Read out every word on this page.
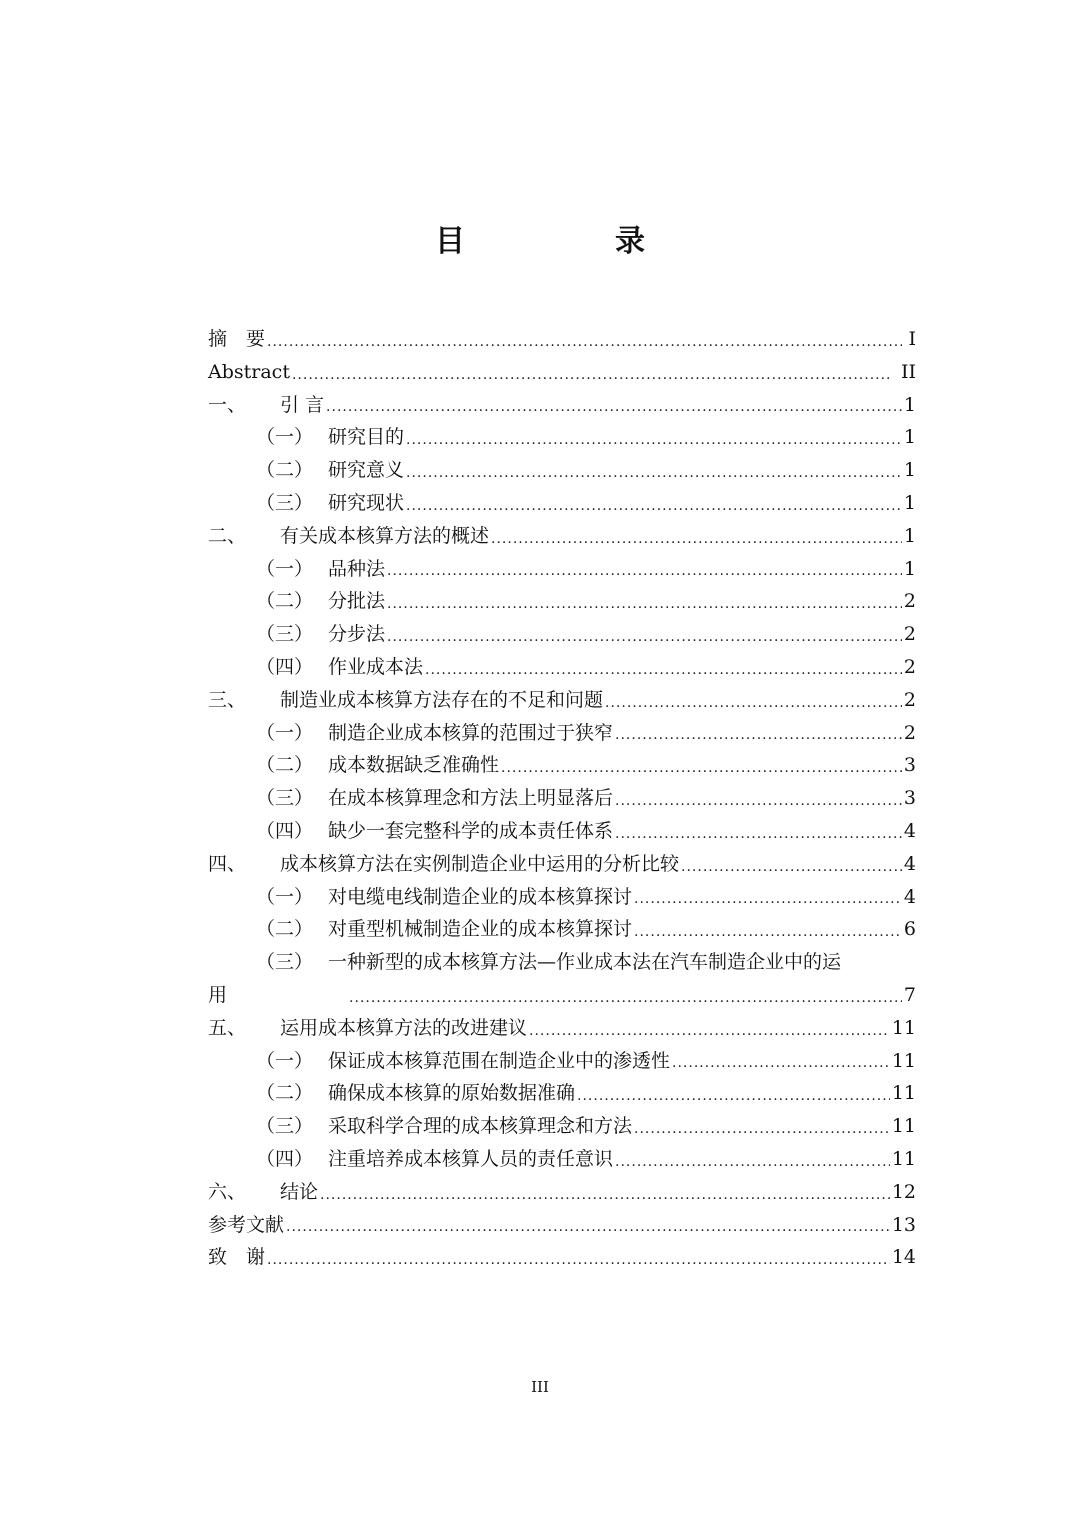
目　录
摘　要 .....	I
Abstract .....	II
一、	引 言 .....	1
（一） 研究目的 .....	1
（二） 研究意义 .....	1
（三） 研究现状 .....	1
二、	有关成本核算方法的概述 .....	1
（一） 品种法 .....	1
（二） 分批法 .....	2
（三） 分步法 .....	2
（四） 作业成本法 .....	2
三、	制造业成本核算方法存在的不足和问题 .....	2
（一） 制造企业成本核算的范围过于狭窄 .....	2
（二） 成本数据缺乏准确性 .....	3
（三） 在成本核算理念和方法上明显落后 .....	3
（四） 缺少一套完整科学的成本责任体系 .....	4
四、	成本核算方法在实例制造企业中运用的分析比较 .....	4
（一） 对电缆电线制造企业的成本核算探讨 .....	4
（二） 对重型机械制造企业的成本核算探讨 .....	6
（三） 一种新型的成本核算方法—作业成本法在汽车制造企业中的运
用 .....	7
五、	运用成本核算方法的改进建议 .....	11
（一） 保证成本核算范围在制造企业中的渗透性 .....	11
（二） 确保成本核算的原始数据准确 .....	11
（三） 采取科学合理的成本核算理念和方法 .....	11
（四） 注重培养成本核算人员的责任意识 .....	11
六、	结论 .....	12
参考文献 .....	13
致　谢 .....	14
III
